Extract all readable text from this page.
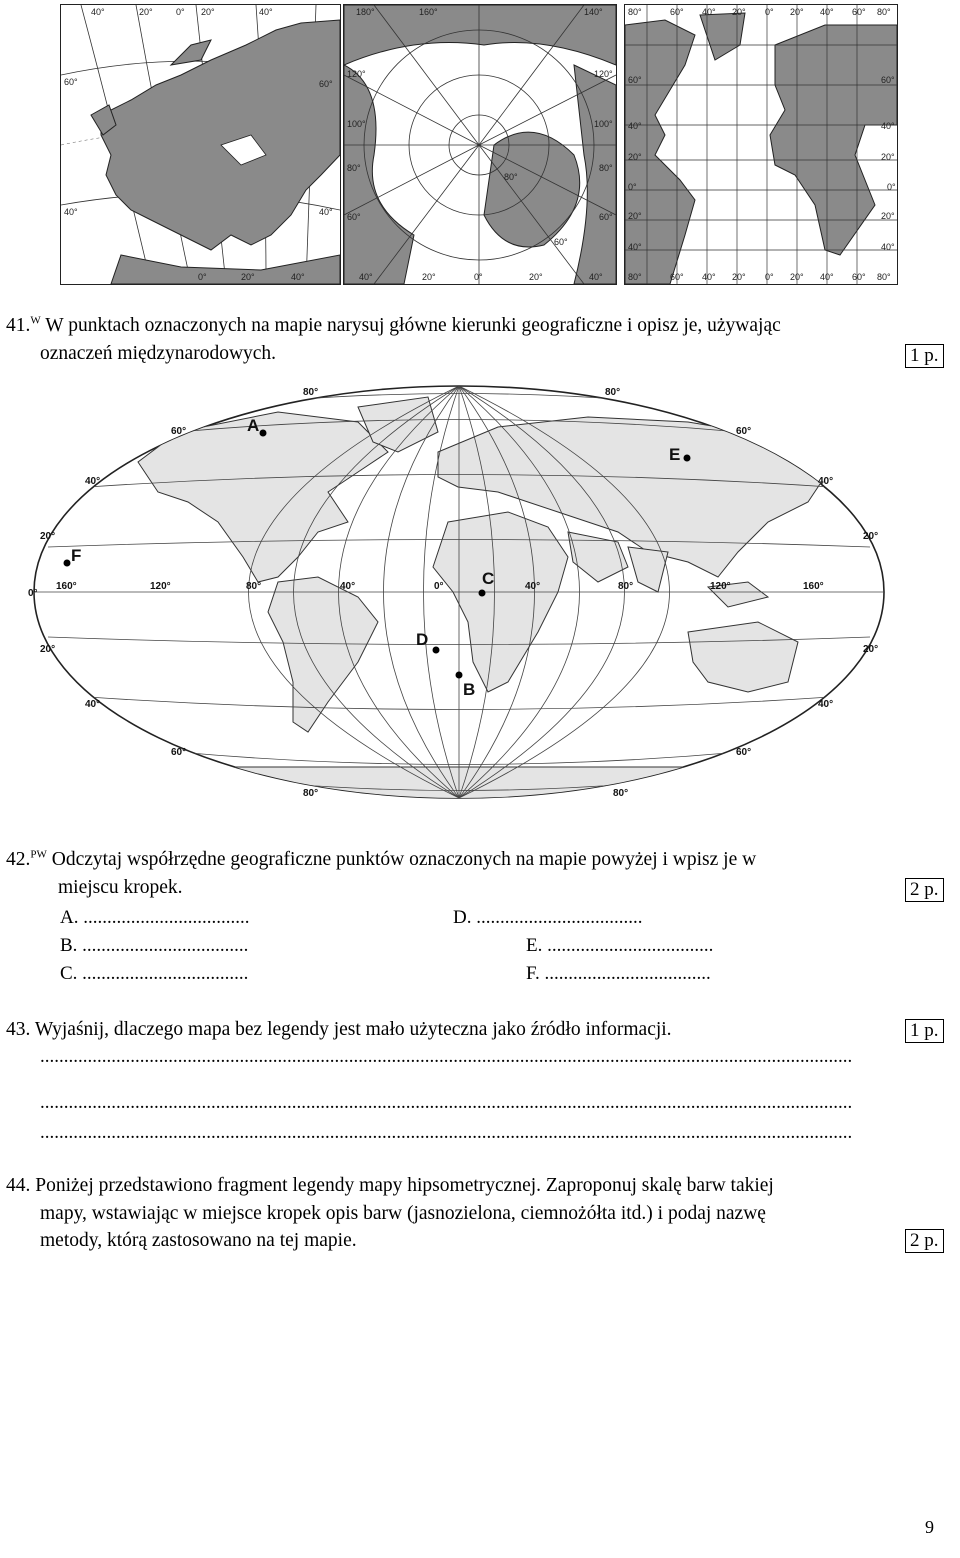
40°	20°	0° 20°	40°
60°
40°
60°
40°
0°	20°	40°
180°	160°	140°
120°
100°
80°
60°
120°
100°
80°
60°
40°	20°	0°	20°	40°
80°
60°
80°	60° 40° 20° 0° 20° 40° 60° 80°
60°
40°
20°
0°
20°
40°
60°
40°
20°
0°
20°
40°
80°	60° 40° 20° 0° 20° 40° 60° 80°
41.$^W$ W punktach oznaczonych na mapie narysuj główne kierunki geograficzne i opisz je, używając
oznaczeń międzynarodowych.	1 p.
80°
60°
40°
20°
0°
20°
40°
60°
80°
80°
60°
40°
20°
20°
40°
60°
80°
160°	120°	80°	40°	0°	40°	80°	120°	160°
A
B
C
D
E
F
42.$^{PW}$ Odczytaj współrzędne geograficzne punktów oznaczonych na mapie powyżej i wpisz je w
miejscu kropek.	2 p.
A. ...................................	D. ...................................
B. ...................................	E. ...................................
C. ...................................	F. ...................................
43. Wyjaśnij, dlaczego mapa bez legendy jest mało użyteczna jako źródło informacji.	1 p.
...........................................................................................................................................................................
...........................................................................................................................................................................
...........................................................................................................................................................................
44. Poniżej przedstawiono fragment legendy mapy hipsometrycznej. Zaproponuj skalę barw takiej
mapy, wstawiając w miejsce kropek opis barw (jasnozielona, ciemnożółta itd.) i podaj nazwę
metody, którą zastosowano na tej mapie.	2 p.
9
